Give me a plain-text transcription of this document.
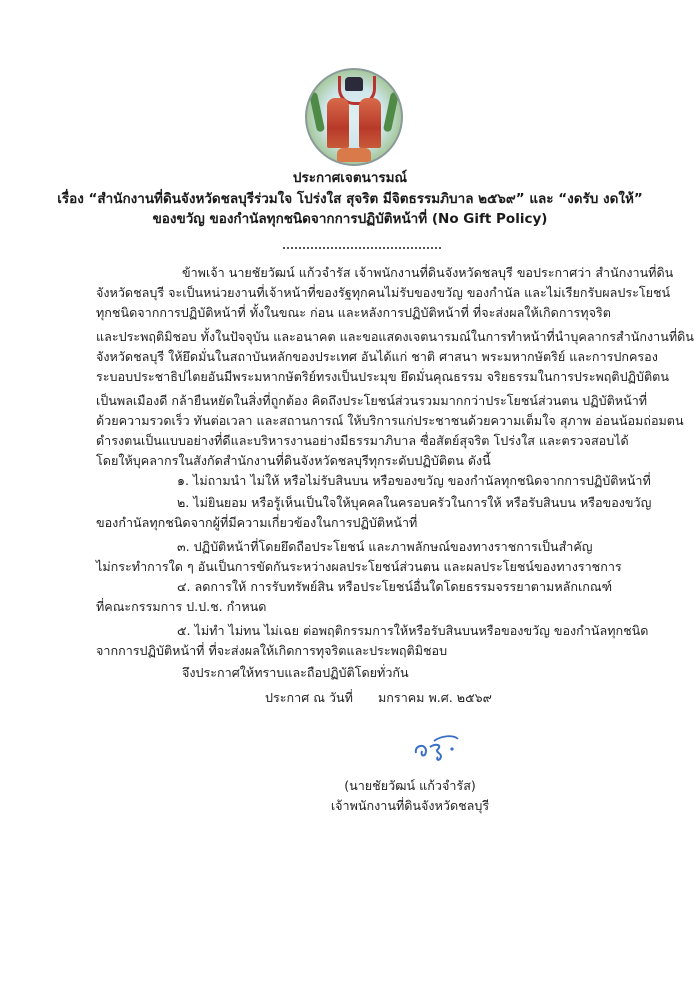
ประกาศเจตนารมณ์
เรื่อง “สำนักงานที่ดินจังหวัดชลบุรีร่วมใจ โปร่งใส สุจริต มีจิตธรรมภิบาล ๒๕๖๙” และ “งดรับ งดให้”
ของขวัญ ของกำนัลทุกชนิดจากการปฏิบัติหน้าที่ (No Gift Policy)
ข้าพเจ้า นายชัยวัฒน์ แก้วจำรัส เจ้าพนักงานที่ดินจังหวัดชลบุรี ขอประกาศว่า สำนักงานที่ดิน
จังหวัดชลบุรี จะเป็นหน่วยงานที่เจ้าหน้าที่ของรัฐทุกคนไม่รับของขวัญ ของกำนัล และไม่เรียกรับผลประโยชน์
ทุกชนิดจากการปฏิบัติหน้าที่ ทั้งในขณะ ก่อน และหลังการปฏิบัติหน้าที่ ที่จะส่งผลให้เกิดการทุจริต
และประพฤติมิชอบ ทั้งในปัจจุบัน และอนาคต และขอแสดงเจตนารมณ์ในการทำหน้าที่นำบุคลากรสำนักงานที่ดิน
จังหวัดชลบุรี ให้ยึดมั่นในสถาบันหลักของประเทศ อันได้แก่ ชาติ ศาสนา พระมหากษัตริย์ และการปกครอง
ระบอบประชาธิปไตยอันมีพระมหากษัตริย์ทรงเป็นประมุข ยึดมั่นคุณธรรม จริยธรรมในการประพฤติปฏิบัติตน
เป็นพลเมืองดี กล้ายืนหยัดในสิ่งที่ถูกต้อง คิดถึงประโยชน์ส่วนรวมมากกว่าประโยชน์ส่วนตน ปฏิบัติหน้าที่
ด้วยความรวดเร็ว ทันต่อเวลา และสถานการณ์ ให้บริการแก่ประชาชนด้วยความเต็มใจ สุภาพ อ่อนน้อมถ่อมตน
ดำรงตนเป็นแบบอย่างที่ดีและบริหารงานอย่างมีธรรมาภิบาล ซื่อสัตย์สุจริต โปร่งใส และตรวจสอบได้
โดยให้บุคลากรในสังกัดสำนักงานที่ดินจังหวัดชลบุรีทุกระดับปฏิบัติตน ดังนี้
๑. ไม่ถามนำ ไม่ให้ หรือไม่รับสินบน หรือของขวัญ ของกำนัลทุกชนิดจากการปฏิบัติหน้าที่
๒. ไม่ยินยอม หรือรู้เห็นเป็นใจให้บุคคลในครอบครัวในการให้ หรือรับสินบน หรือของขวัญ
ของกำนัลทุกชนิดจากผู้ที่มีความเกี่ยวข้องในการปฏิบัติหน้าที่
๓. ปฏิบัติหน้าที่โดยยึดถือประโยชน์ และภาพลักษณ์ของทางราชการเป็นสำคัญ
ไม่กระทำการใด ๆ อันเป็นการขัดกันระหว่างผลประโยชน์ส่วนตน และผลประโยชน์ของทางราชการ
๔. ลดการให้ การรับทรัพย์สิน หรือประโยชน์อื่นใดโดยธรรมจรรยาตามหลักเกณฑ์
ที่คณะกรรมการ ป.ป.ช. กำหนด
๕. ไม่ทำ ไม่ทน ไม่เฉย ต่อพฤติกรรมการให้หรือรับสินบนหรือของขวัญ ของกำนัลทุกชนิด
จากการปฏิบัติหน้าที่ ที่จะส่งผลให้เกิดการทุจริตและประพฤติมิชอบ
จึงประกาศให้ทราบและถือปฏิบัติโดยทั่วกัน
ประกาศ ณ วันที่ มกราคม พ.ศ. ๒๕๖๙
(นายชัยวัฒน์ แก้วจำรัส)
เจ้าพนักงานที่ดินจังหวัดชลบุรี
